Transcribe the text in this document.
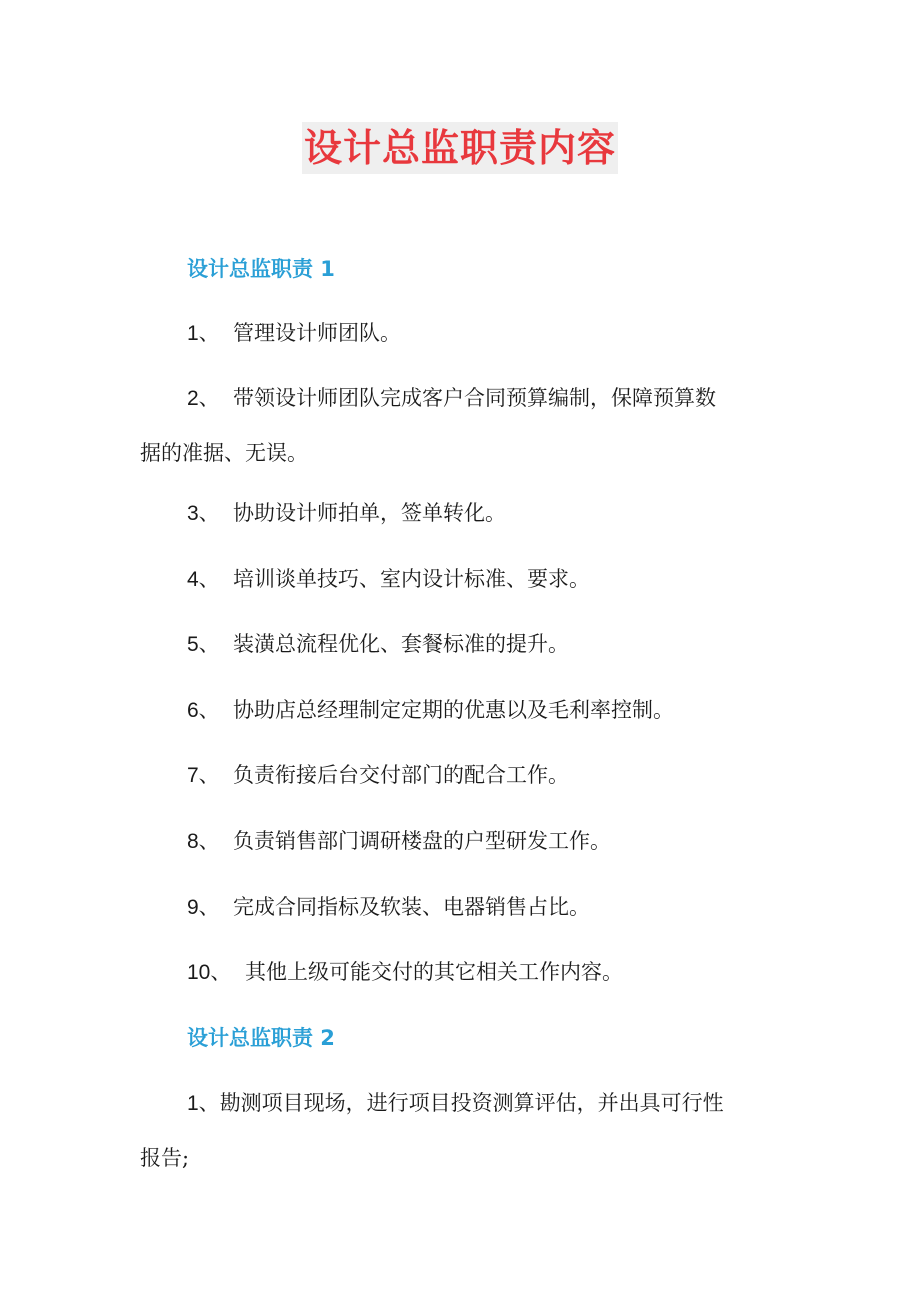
设计总监职责内容
设计总监职责 1
1、 管理设计师团队。
2、 带领设计师团队完成客户合同预算编制，保障预算数
据的准据、无误。
3、 协助设计师拍单，签单转化。
4、 培训谈单技巧、室内设计标准、要求。
5、 装潢总流程优化、套餐标准的提升。
6、 协助店总经理制定定期的优惠以及毛利率控制。
7、 负责衔接后台交付部门的配合工作。
8、 负责销售部门调研楼盘的户型研发工作。
9、 完成合同指标及软装、电器销售占比。
10、 其他上级可能交付的其它相关工作内容。
设计总监职责 2
1、勘测项目现场，进行项目投资测算评估，并出具可行性
报告;
